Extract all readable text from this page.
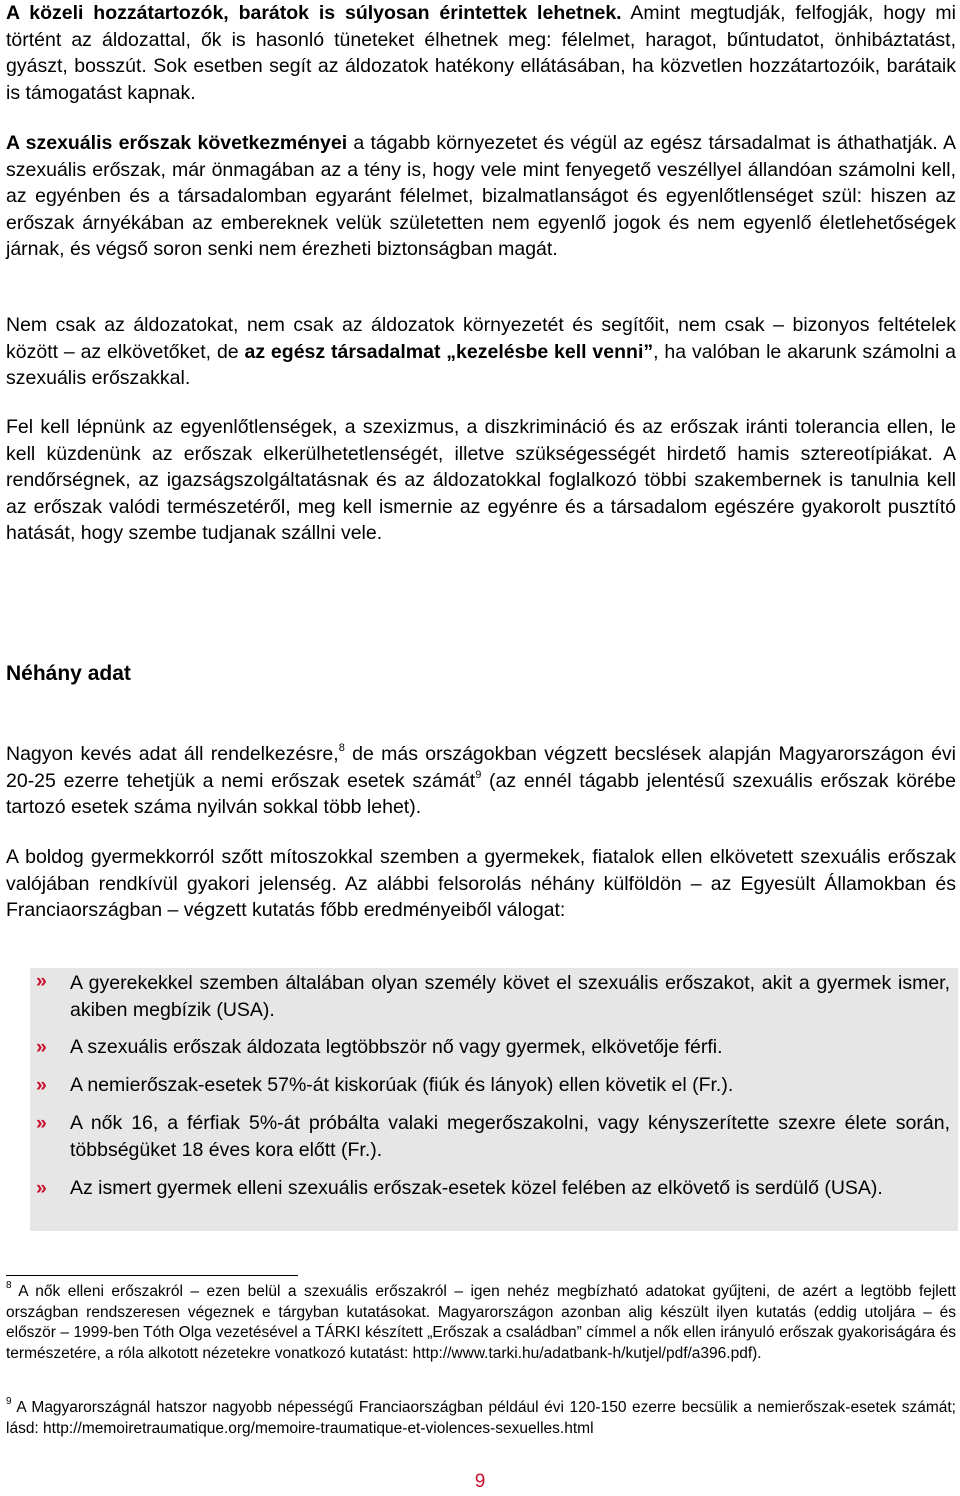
A közeli hozzátartozók, barátok is súlyosan érintettek lehetnek. Amint megtudják, felfogják, hogy mi történt az áldozattal, ők is hasonló tüneteket élhetnek meg: félelmet, haragot, bűntudatot, önhibáztatást, gyászt, bosszút. Sok esetben segít az áldozatok hatékony ellátásában, ha közvetlen hozzátartozóik, barátaik is támogatást kapnak.

A szexuális erőszak következményei a tágabb környezetet és végül az egész társadalmat is áthathatják. A szexuális erőszak, már önmagában az a tény is, hogy vele mint fenyegető veszéllyel állandóan számolni kell, az egyénben és a társadalomban egyaránt félelmet, bizalmatlanságot és egyenlőtlenséget szül: hiszen az erőszak árnyékában az embereknek velük születetten nem egyenlő jogok és nem egyenlő életlehetőségek járnak, és végső soron senki nem érezheti biztonságban magát.

Nem csak az áldozatokat, nem csak az áldozatok környezetét és segítőit, nem csak – bizonyos feltételek között – az elkövetőket, de az egész társadalmat „kezelésbe kell venni”, ha valóban le akarunk számolni a szexuális erőszakkal.

Fel kell lépnünk az egyenlőtlenségek, a szexizmus, a diszkrimináció és az erőszak iránti tolerancia ellen, le kell küzdenünk az erőszak elkerülhetetlenségét, illetve szükségességét hirdető hamis sztereotípiákat. A rendőrségnek, az igazságszolgáltatásnak és az áldozatokkal foglalkozó többi szakembernek is tanulnia kell az erőszak valódi természetéről, meg kell ismernie az egyénre és a társadalom egészére gyakorolt pusztító hatását, hogy szembe tudjanak szállni vele.

Néhány adat

Nagyon kevés adat áll rendelkezésre,$^8$ de más országokban végzett becslések alapján Magyarországon évi 20-25 ezerre tehetjük a nemi erőszak esetek számát$^9$ (az ennél tágabb jelentésű szexuális erőszak körébe tartozó esetek száma nyilván sokkal több lehet).

A boldog gyermekkorról szőtt mítoszokkal szemben a gyermekek, fiatalok ellen elkövetett szexuális erőszak valójában rendkívül gyakori jelenség. Az alábbi felsorolás néhány külföldön – az Egyesült Államokban és Franciaországban – végzett kutatás főbb eredményeiből válogat:

» A gyerekekkel szemben általában olyan személy követ el szexuális erőszakot, akit a gyermek ismer, akiben megbízik (USA).
» A szexuális erőszak áldozata legtöbbször nő vagy gyermek, elkövetője férfi.
» A nemierőszak-esetek 57%-át kiskorúak (fiúk és lányok) ellen követik el (Fr.).
» A nők 16, a férfiak 5%-át próbálta valaki megerőszakolni, vagy kényszerítette szexre élete során, többségüket 18 éves kora előtt (Fr.).
» Az ismert gyermek elleni szexuális erőszak-esetek közel felében az elkövető is serdülő (USA).

$^8$ A nők elleni erőszakról – ezen belül a szexuális erőszakról – igen nehéz megbízható adatokat gyűjteni, de azért a legtöbb fejlett országban rendszeresen végeznek e tárgyban kutatásokat. Magyarországon azonban alig készült ilyen kutatás (eddig utoljára – és először – 1999-ben Tóth Olga vezetésével a TÁRKI készített „Erőszak a családban” címmel a nők ellen irányuló erőszak gyakoriságára és természetére, a róla alkotott nézetekre vonatkozó kutatást: http://www.tarki.hu/adatbank-h/kutjel/pdf/a396.pdf).

$^9$ A Magyarországnál hatszor nagyobb népességű Franciaországban például évi 120-150 ezerre becsülik a nemierőszak-esetek számát; lásd: http://memoiretraumatique.org/memoire-traumatique-et-violences-sexuelles.html

9
